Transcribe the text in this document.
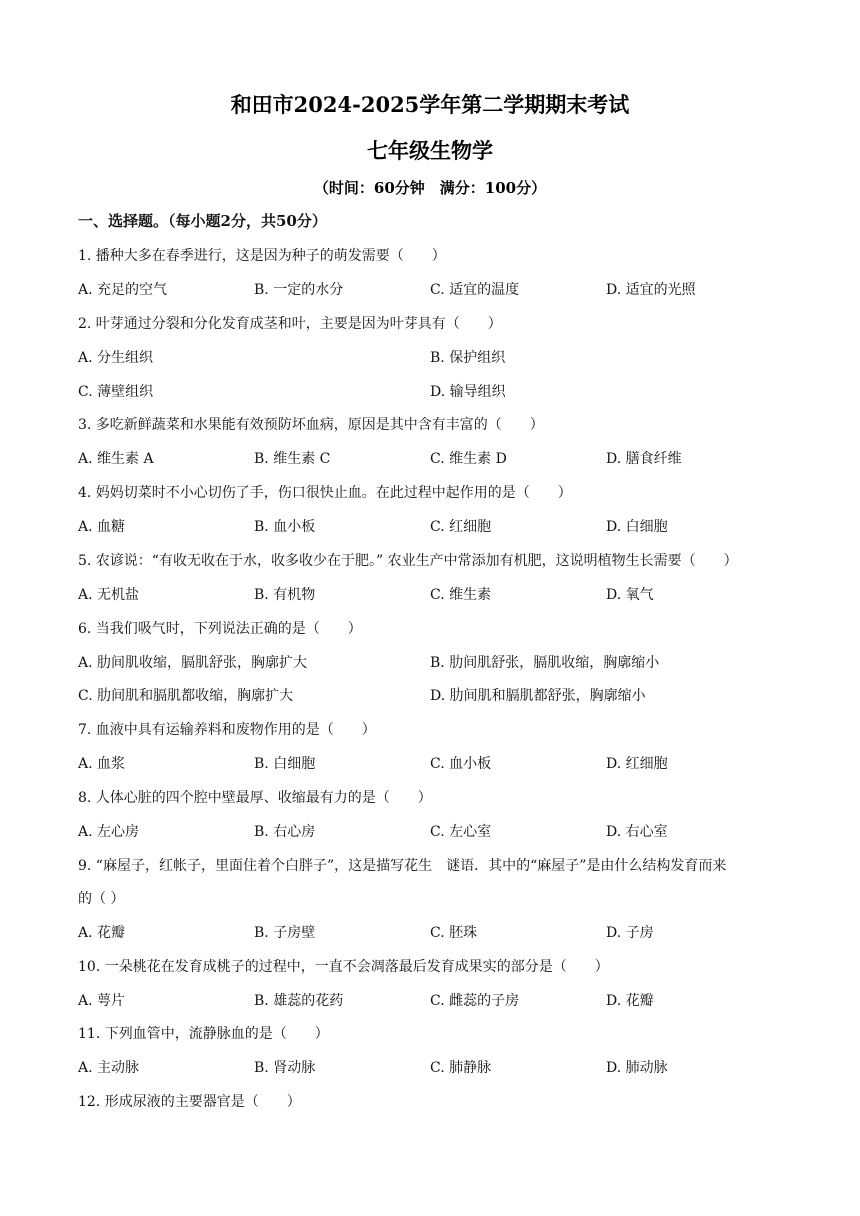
和田市2024-2025学年第二学期期末考试
七年级生物学
（时间：60分钟　满分：100分）
一、选择题。（每小题2分，共50分）
1. 播种大多在春季进行，这是因为种子的萌发需要（　　）
A. 充足的空气	B. 一定的水分	C. 适宜的温度	D. 适宜的光照
2. 叶芽通过分裂和分化发育成茎和叶，主要是因为叶芽具有（　　）
A. 分生组织	B. 保护组织
C. 薄壁组织	D. 输导组织
3. 多吃新鲜蔬菜和水果能有效预防坏血病，原因是其中含有丰富的（　　）
A. 维生素 A	B. 维生素 C	C. 维生素 D	D. 膳食纤维
4. 妈妈切菜时不小心切伤了手，伤口很快止血。在此过程中起作用的是（　　）
A. 血糖	B. 血小板	C. 红细胞	D. 白细胞
5. 农谚说：“有收无收在于水，收多收少在于肥。” 农业生产中常添加有机肥，这说明植物生长需要（　　）
A. 无机盐	B. 有机物	C. 维生素	D. 氧气
6. 当我们吸气时，下列说法正确的是（　　）
A. 肋间肌收缩，膈肌舒张，胸廓扩大	B. 肋间肌舒张，膈肌收缩，胸廓缩小
C. 肋间肌和膈肌都收缩，胸廓扩大	D. 肋间肌和膈肌都舒张，胸廓缩小
7. 血液中具有运输养料和废物作用的是（　　）
A. 血浆	B. 白细胞	C. 血小板	D. 红细胞
8. 人体心脏的四个腔中壁最厚、收缩最有力的是（　　）
A. 左心房	B. 右心房	C. 左心室	D. 右心室
9. “麻屋子，红帐子，里面住着个白胖子”，这是描写花生　谜语．其中的“麻屋子”是由什么结构发育而来
的（ ）
A. 花瓣	B. 子房壁	C. 胚珠	D. 子房
10. 一朵桃花在发育成桃子的过程中，一直不会凋落最后发育成果实的部分是（　　）
A. 萼片	B. 雄蕊的花药	C. 雌蕊的子房	D. 花瓣
11. 下列血管中，流静脉血的是（　　）
A. 主动脉	B. 肾动脉	C. 肺静脉	D. 肺动脉
12. 形成尿液的主要器官是（　　）
